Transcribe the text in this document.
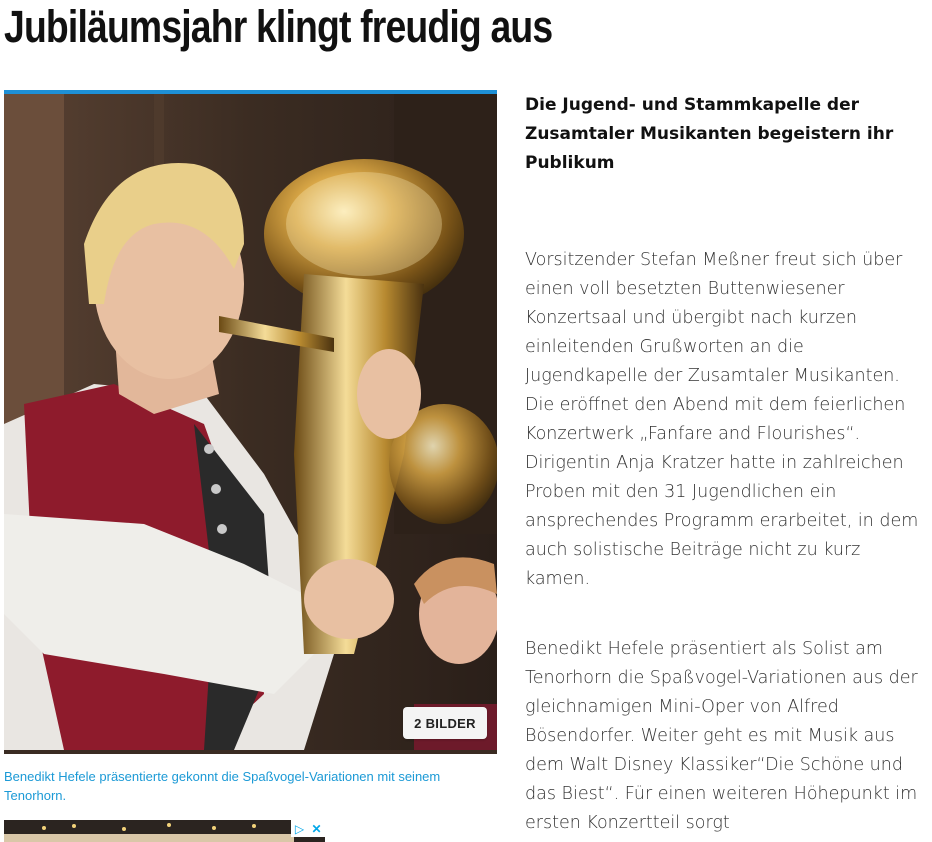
Jubiläumsjahr klingt freudig aus
2 BILDER
Benedikt Hefele präsentierte gekonnt die Spaßvogel-Variationen mit seinem Tenorhorn.
▷ ✕
Die Jugend- und Stammkapelle der Zusamtaler Musikanten begeistern ihr Publikum

Vorsitzender Stefan Meßner freut sich über einen voll besetzten Buttenwiesener Konzertsaal und übergibt nach kurzen einleitenden Grußworten an die Jugendkapelle der Zusamtaler Musikanten. Die eröffnet den Abend mit dem feierlichen Konzertwerk „Fanfare and Flourishes“. Dirigentin Anja Kratzer hatte in zahlreichen Proben mit den 31 Jugendlichen ein ansprechendes Programm erarbeitet, in dem auch solistische Beiträge nicht zu kurz kamen.

Benedikt Hefele präsentiert als Solist am Tenorhorn die Spaßvogel-Variationen aus der gleichnamigen Mini-Oper von Alfred Bösendorfer. Weiter geht es mit Musik aus dem Walt Disney Klassiker“Die Schöne und das Biest“. Für einen weiteren Höhepunkt im ersten Konzertteil sorgt
